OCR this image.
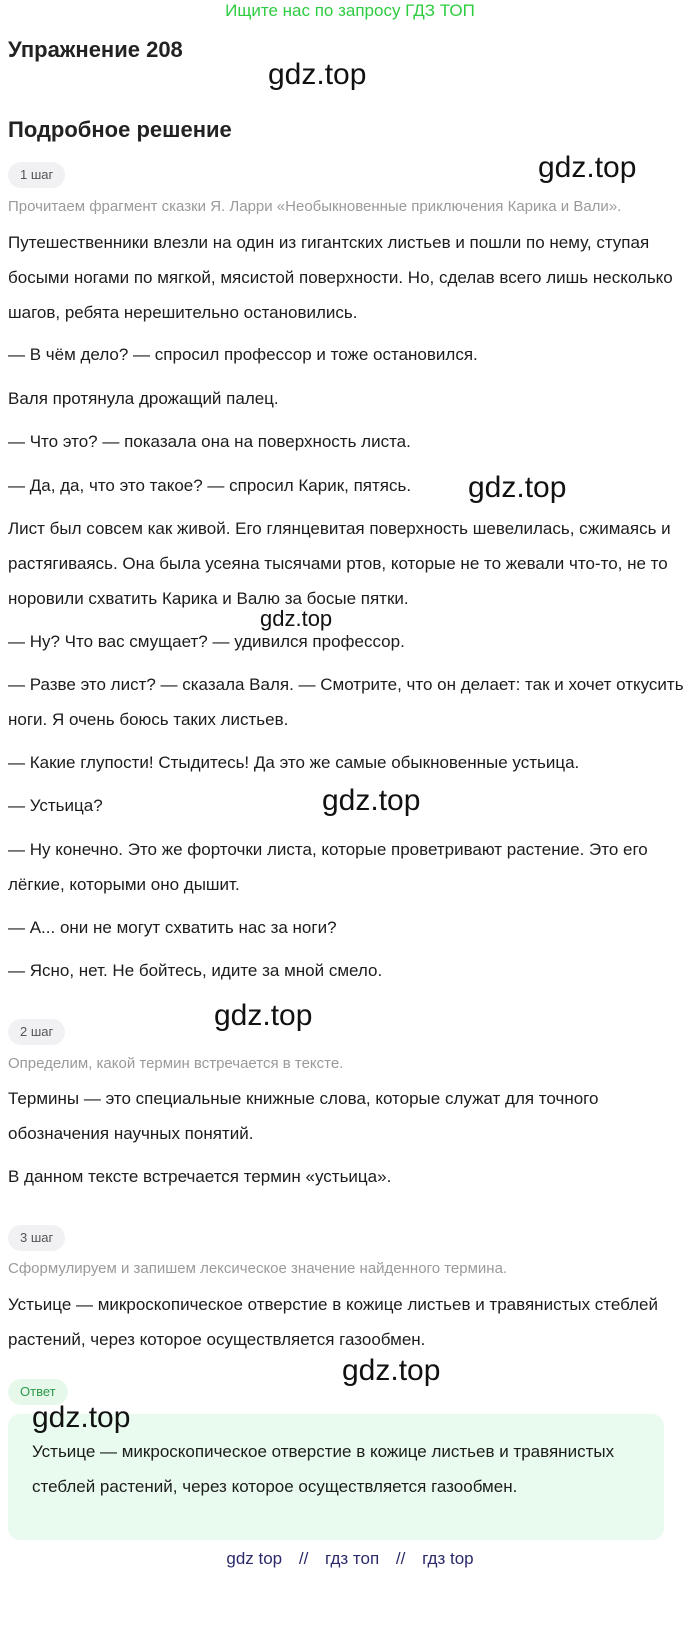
Ищите нас по запросу ГДЗ ТОП
Упражнение 208
gdz.top
Подробное решение
1 шаг	gdz.top
Прочитаем фрагмент сказки Я. Ларри «Необыкновенные приключения Карика и Вали».
Путешественники влезли на один из гигантских листьев и пошли по нему, ступая босыми ногами по мягкой, мясистой поверхности. Но, сделав всего лишь несколько шагов, ребята нерешительно остановились.
— В чём дело? — спросил профессор и тоже остановился.
Валя протянула дрожащий палец.
— Что это? — показала она на поверхность листа.
— Да, да, что это такое? — спросил Карик, пятясь.	gdz.top
Лист был совсем как живой. Его глянцевитая поверхность шевелилась, сжимаясь и растягиваясь. Она была усеяна тысячами ртов, которые не то жевали что-то, не то норовили схватить Карика и Валю за босые пятки.
gdz.top
— Ну? Что вас смущает? — удивился профессор.
— Разве это лист? — сказала Валя. — Смотрите, что он делает: так и хочет откусить ноги. Я очень боюсь таких листьев.
— Какие глупости! Стыдитесь! Да это же самые обыкновенные устьица.
— Устьица?	gdz.top
— Ну конечно. Это же форточки листа, которые проветривают растение. Это его лёгкие, которыми оно дышит.
— А... они не могут схватить нас за ноги?
— Ясно, нет. Не бойтесь, идите за мной смело.
2 шаг	gdz.top
Определим, какой термин встречается в тексте.
Термины — это специальные книжные слова, которые служат для точного обозначения научных понятий.
В данном тексте встречается термин «устьица».
3 шаг
Сформулируем и запишем лексическое значение найденного термина.
Устьице — микроскопическое отверстие в кожице листьев и травянистых стеблей растений, через которое осуществляется газообмен.
gdz.top
Ответ
gdz.top
Устьице — микроскопическое отверстие в кожице листьев и травянистых стеблей растений, через которое осуществляется газообмен.
gdz top // гдз топ // гдз top
